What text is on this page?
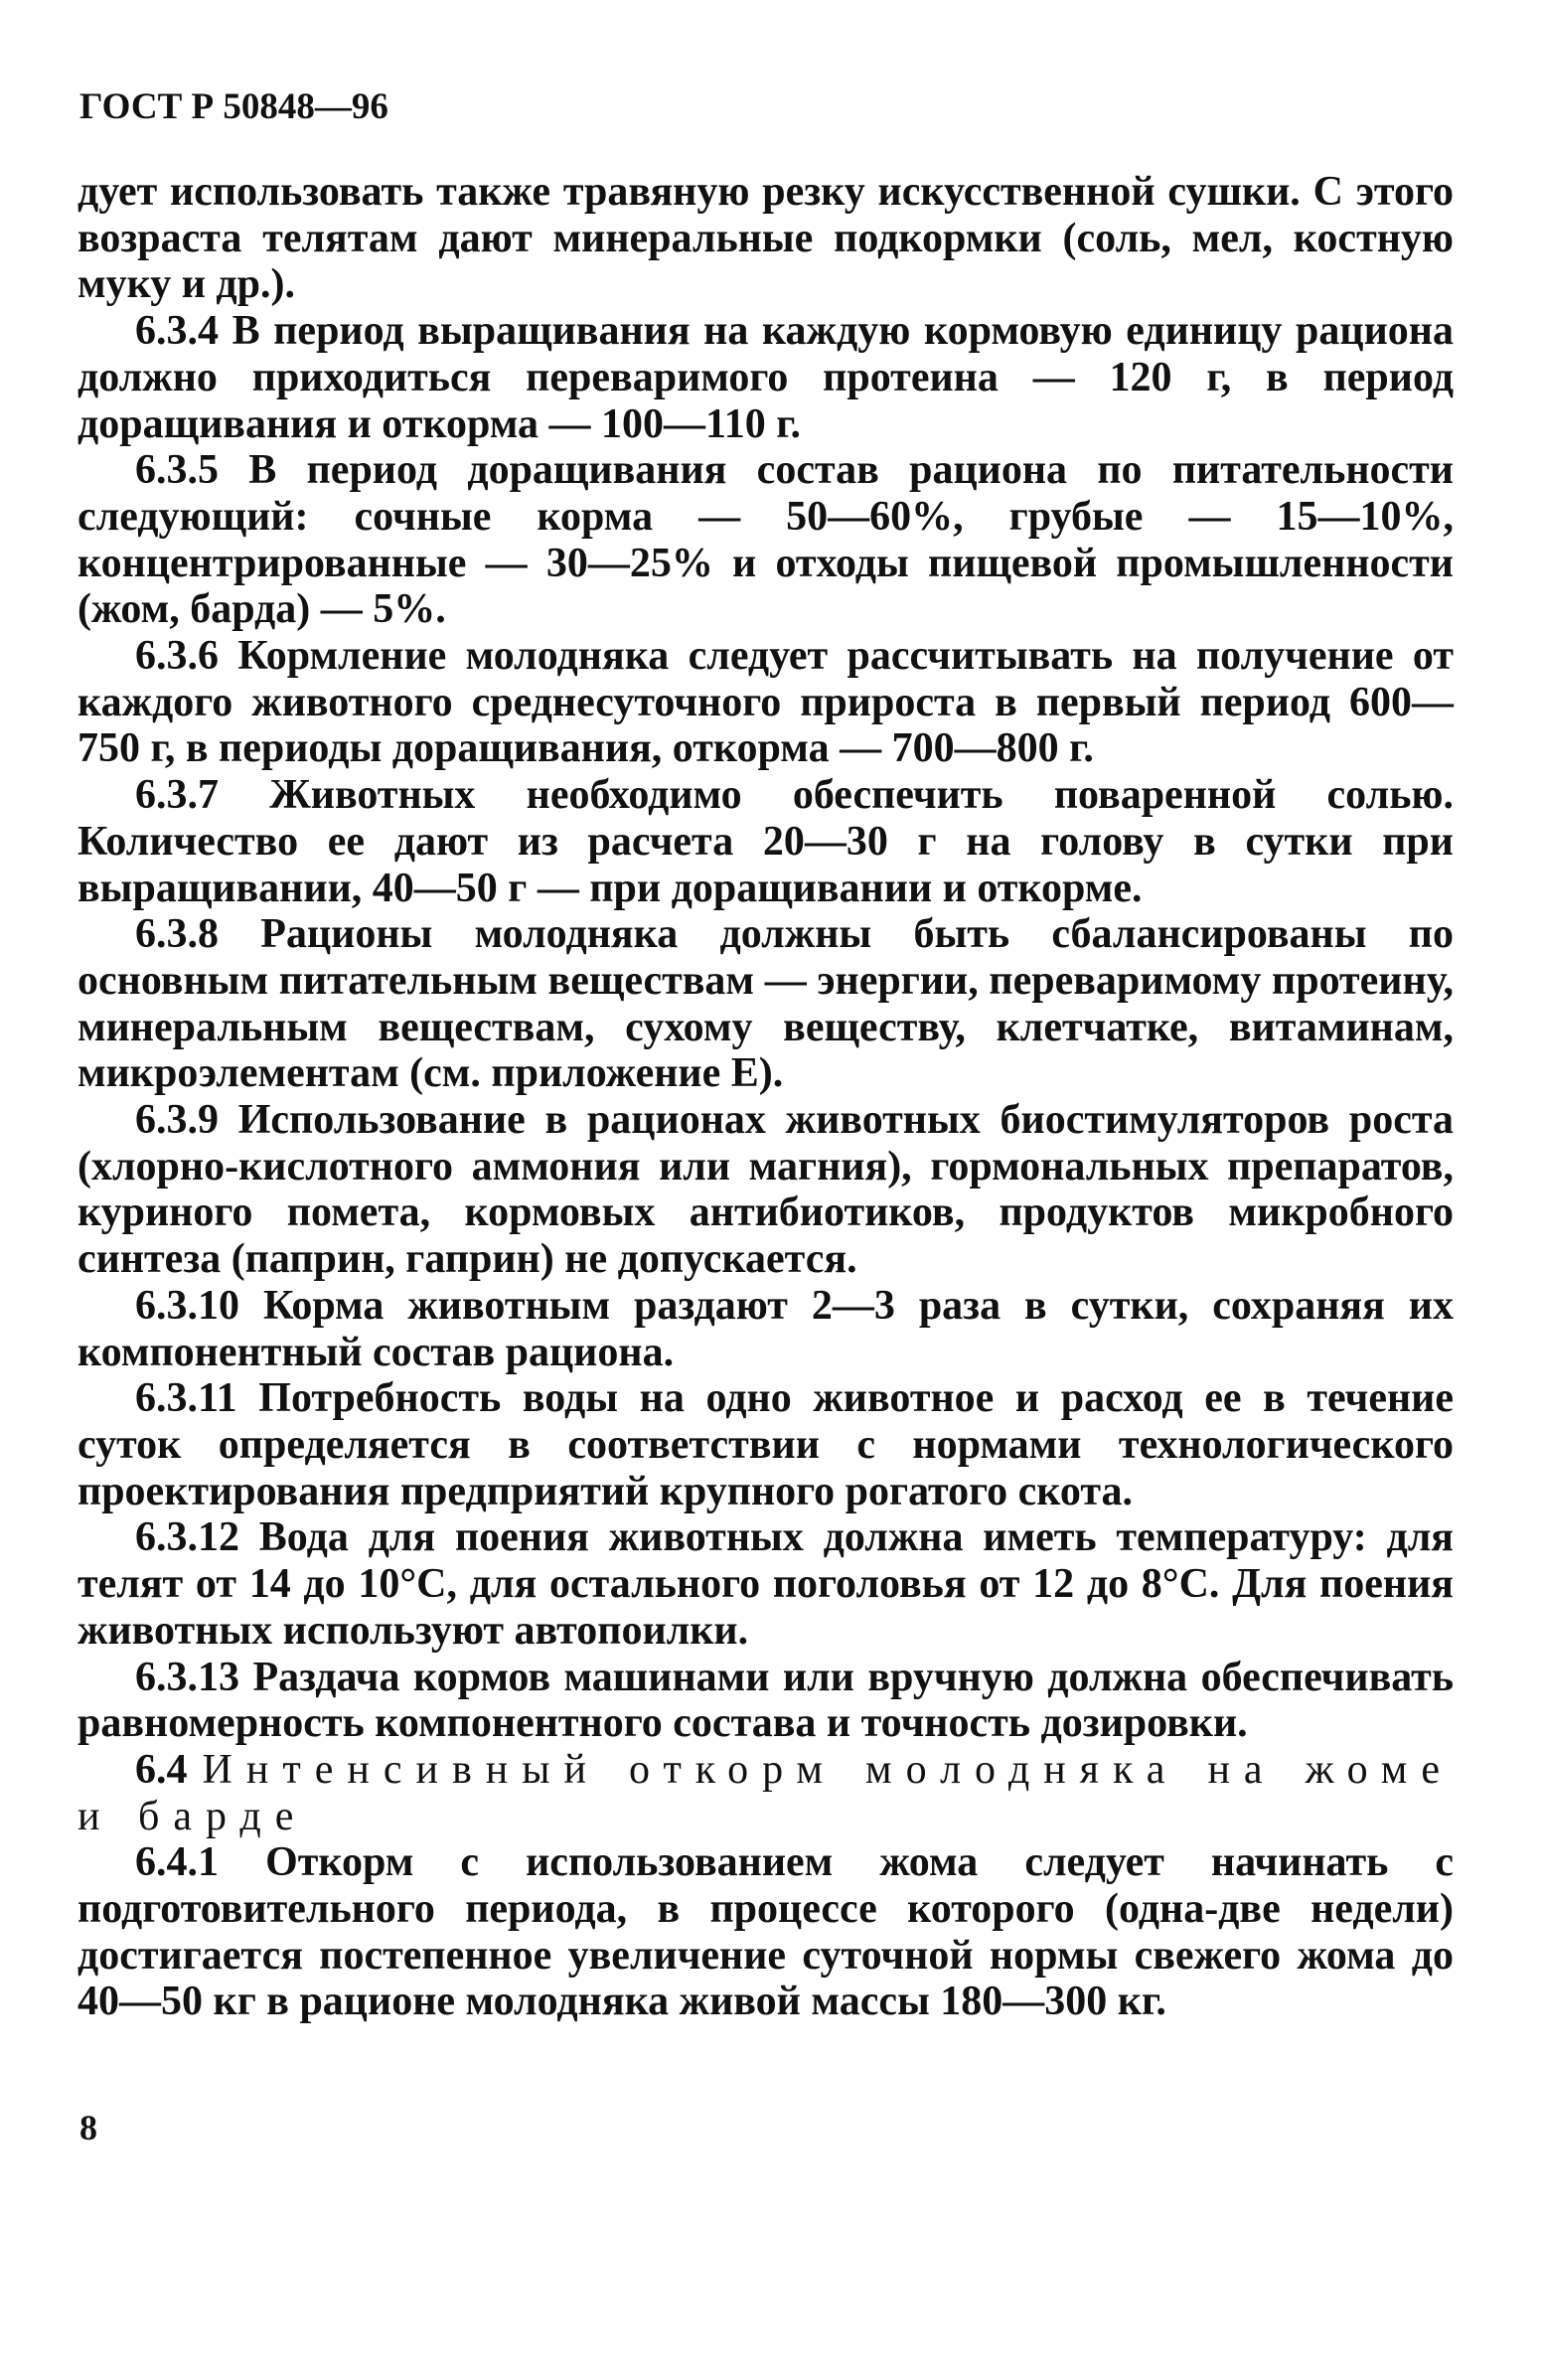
ГОСТ Р 50848—96

дует использовать также травяную резку искусственной сушки. С этого возраста телятам дают минеральные подкормки (соль, мел, костную муку и др.).

6.3.4 В период выращивания на каждую кормовую единицу рациона должно приходиться переваримого протеина — 120 г, в период доращивания и откорма — 100—110 г.

6.3.5 В период доращивания состав рациона по питательности следующий: сочные корма — 50—60%, грубые — 15—10%, концентрированные — 30—25% и отходы пищевой промышленности (жом, барда) — 5%.

6.3.6 Кормление молодняка следует рассчитывать на получение от каждого животного среднесуточного прироста в первый период 600—750 г, в периоды доращивания, откорма — 700—800 г.

6.3.7 Животных необходимо обеспечить поваренной солью. Количество ее дают из расчета 20—30 г на голову в сутки при выращивании, 40—50 г — при доращивании и откорме.

6.3.8 Рационы молодняка должны быть сбалансированы по основным питательным веществам — энергии, переваримому протеину, минеральным веществам, сухому веществу, клетчатке, витаминам, микроэлементам (см. приложение Е).

6.3.9 Использование в рационах животных биостимуляторов роста (хлорно-кислотного аммония или магния), гормональных препаратов, куриного помета, кормовых антибиотиков, продуктов микробного синтеза (паприн, гаприн) не допускается.

6.3.10 Корма животным раздают 2—3 раза в сутки, сохраняя их компонентный состав рациона.

6.3.11 Потребность воды на одно животное и расход ее в течение суток определяется в соответствии с нормами технологического проектирования предприятий крупного рогатого скота.

6.3.12 Вода для поения животных должна иметь температуру: для телят от 14 до 10°С, для остального поголовья от 12 до 8°С. Для поения животных используют автопоилки.

6.3.13 Раздача кормов машинами или вручную должна обеспечивать равномерность компонентного состава и точность дозировки.

6.4 Интенсивный откорм молодняка на жоме и барде

6.4.1 Откорм с использованием жома следует начинать с подготовительного периода, в процессе которого (одна-две недели) достигается постепенное увеличение суточной нормы свежего жома до 40—50 кг в рационе молодняка живой массы 180—300 кг.

8
